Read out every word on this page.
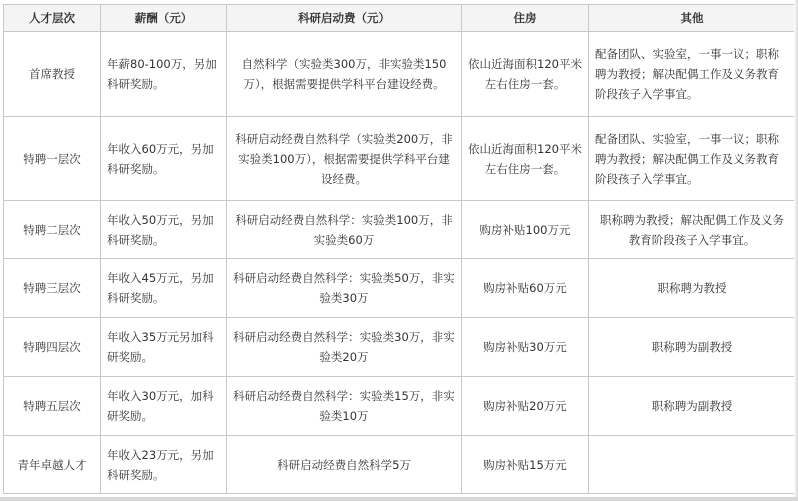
人才层次	薪酬（元）	科研启动费（元）	住房	其他
首席教授	年薪80-100万，另加科研奖励。	自然科学（实验类300万，非实验类150万），根据需要提供学科平台建设经费。	依山近海面积120平米左右住房一套。	配备团队、实验室，一事一议；职称聘为教授；解决配偶工作及义务教育阶段孩子入学事宜。
特聘一层次	年收入60万元，另加科研奖励。	科研启动经费自然科学（实验类200万，非实验类100万），根据需要提供学科平台建设经费。	依山近海面积120平米左右住房一套。	配备团队、实验室，一事一议；职称聘为教授；解决配偶工作及义务教育阶段孩子入学事宜。
特聘二层次	年收入50万元，另加科研奖励。	科研启动经费自然科学：实验类100万，非实验类60万	购房补贴100万元	职称聘为教授；解决配偶工作及义务教育阶段孩子入学事宜。
特聘三层次	年收入45万元，另加科研奖励。	科研启动经费自然科学：实验类50万，非实验类30万	购房补贴60万元	职称聘为教授
特聘四层次	年收入35万元另加科研奖励。	科研启动经费自然科学：实验类30万，非实验类20万	购房补贴30万元	职称聘为副教授
特聘五层次	年收入30万元，加科研奖励。	科研启动经费自然科学：实验类15万，非实验类10万	购房补贴20万元	职称聘为副教授
青年卓越人才	年收入23万元，另加科研奖励。	科研启动经费自然科学5万	购房补贴15万元	
